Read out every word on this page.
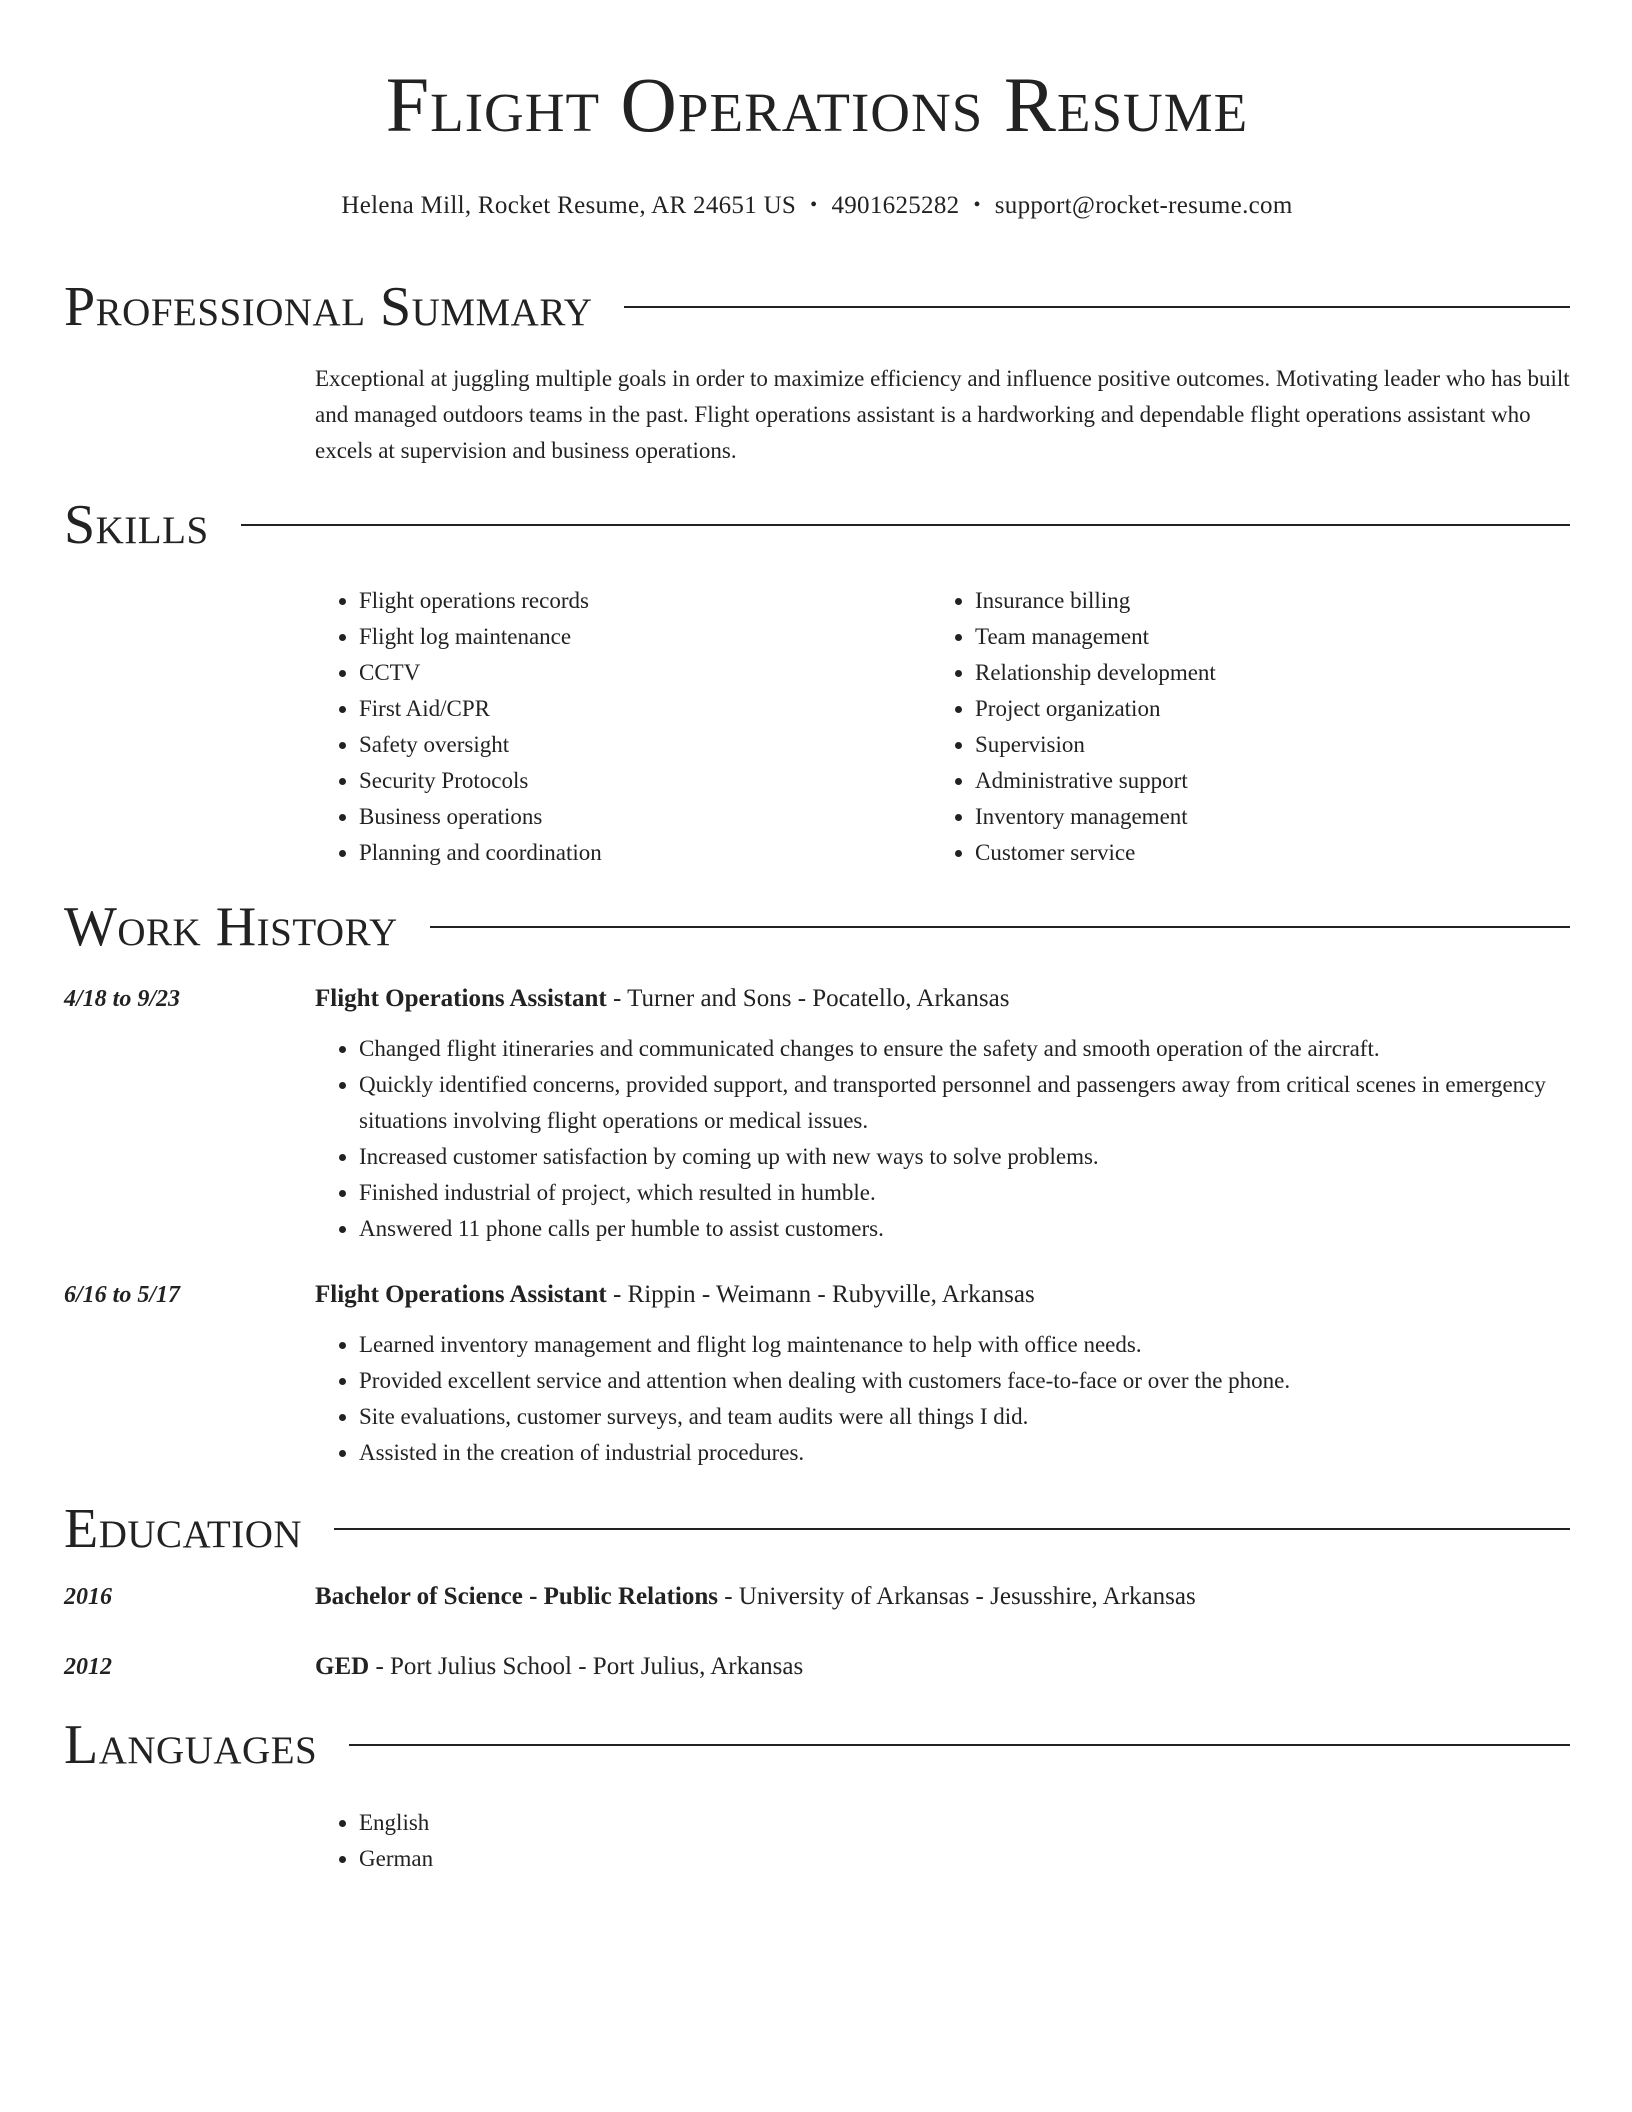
Flight Operations Resume
Helena Mill, Rocket Resume, AR 24651 US • 4901625282 • support@rocket-resume.com
Professional Summary
Exceptional at juggling multiple goals in order to maximize efficiency and influence positive outcomes. Motivating leader who has built and managed outdoors teams in the past. Flight operations assistant is a hardworking and dependable flight operations assistant who excels at supervision and business operations.
Skills
• Flight operations records
• Flight log maintenance
• CCTV
• First Aid/CPR
• Safety oversight
• Security Protocols
• Business operations
• Planning and coordination
• Insurance billing
• Team management
• Relationship development
• Project organization
• Supervision
• Administrative support
• Inventory management
• Customer service
Work History
4/18 to 9/23	Flight Operations Assistant - Turner and Sons - Pocatello, Arkansas
• Changed flight itineraries and communicated changes to ensure the safety and smooth operation of the aircraft.
• Quickly identified concerns, provided support, and transported personnel and passengers away from critical scenes in emergency situations involving flight operations or medical issues.
• Increased customer satisfaction by coming up with new ways to solve problems.
• Finished industrial of project, which resulted in humble.
• Answered 11 phone calls per humble to assist customers.
6/16 to 5/17	Flight Operations Assistant - Rippin - Weimann - Rubyville, Arkansas
• Learned inventory management and flight log maintenance to help with office needs.
• Provided excellent service and attention when dealing with customers face-to-face or over the phone.
• Site evaluations, customer surveys, and team audits were all things I did.
• Assisted in the creation of industrial procedures.
Education
2016	Bachelor of Science - Public Relations - University of Arkansas - Jesusshire, Arkansas
2012	GED - Port Julius School - Port Julius, Arkansas
Languages
• English
• German
